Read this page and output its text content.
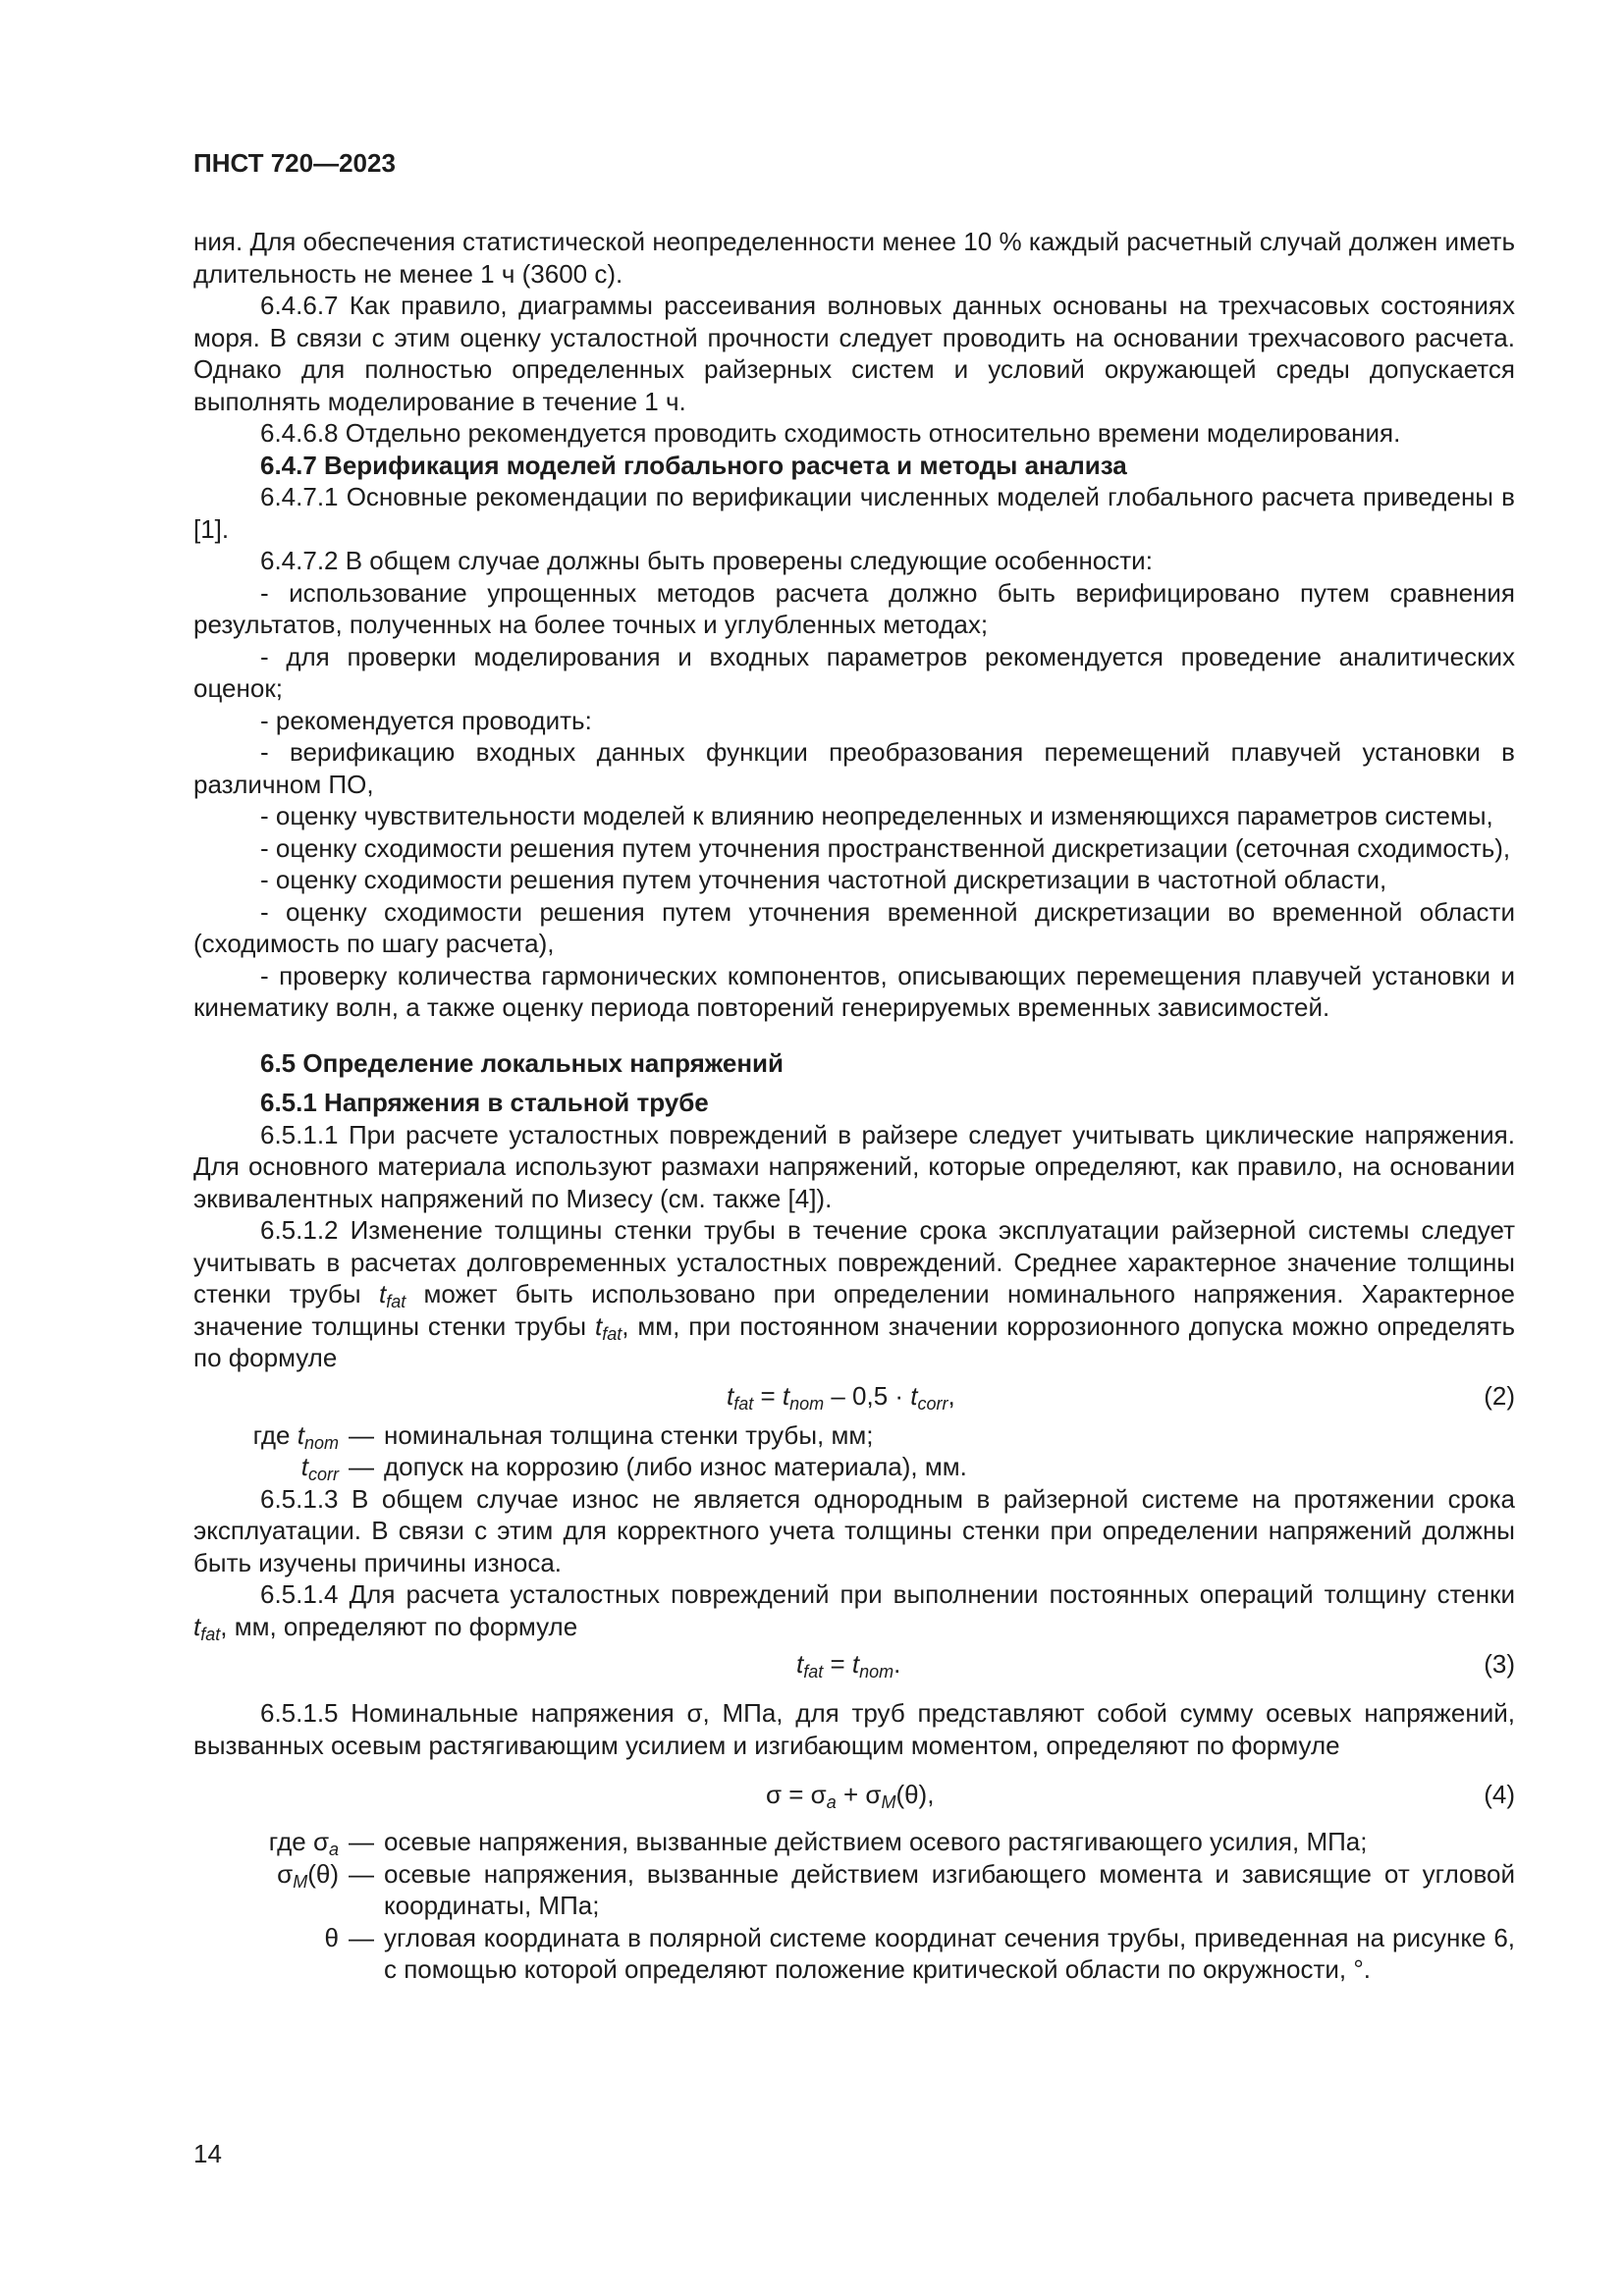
ПНСТ 720—2023

ния. Для обеспечения статистической неопределенности менее 10 % каждый расчетный случай должен иметь длительность не менее 1 ч (3600 с).

6.4.6.7 Как правило, диаграммы рассеивания волновых данных основаны на трехчасовых состояниях моря. В связи с этим оценку усталостной прочности следует проводить на основании трехчасового расчета. Однако для полностью определенных райзерных систем и условий окружающей среды допускается выполнять моделирование в течение 1 ч.

6.4.6.8 Отдельно рекомендуется проводить сходимость относительно времени моделирования.

6.4.7 Верификация моделей глобального расчета и методы анализа

6.4.7.1 Основные рекомендации по верификации численных моделей глобального расчета приведены в [1].

6.4.7.2 В общем случае должны быть проверены следующие особенности:

- использование упрощенных методов расчета должно быть верифицировано путем сравнения результатов, полученных на более точных и углубленных методах;

- для проверки моделирования и входных параметров рекомендуется проведение аналитических оценок;

- рекомендуется проводить:

- верификацию входных данных функции преобразования перемещений плавучей установки в различном ПО,

- оценку чувствительности моделей к влиянию неопределенных и изменяющихся параметров системы,

- оценку сходимости решения путем уточнения пространственной дискретизации (сеточная сходимость),

- оценку сходимости решения путем уточнения частотной дискретизации в частотной области,

- оценку сходимости решения путем уточнения временной дискретизации во временной области (сходимость по шагу расчета),

- проверку количества гармонических компонентов, описывающих перемещения плавучей установки и кинематику волн, а также оценку периода повторений генерируемых временных зависимостей.

6.5 Определение локальных напряжений

6.5.1 Напряжения в стальной трубе

6.5.1.1 При расчете усталостных повреждений в райзере следует учитывать циклические напряжения. Для основного материала используют размахи напряжений, которые определяют, как правило, на основании эквивалентных напряжений по Мизесу (см. также [4]).

6.5.1.2 Изменение толщины стенки трубы в течение срока эксплуатации райзерной системы следует учитывать в расчетах долговременных усталостных повреждений. Среднее характерное значение толщины стенки трубы $t_{fat}$ может быть использовано при определении номинального напряжения. Характерное значение толщины стенки трубы $t_{fat}$, мм, при постоянном значении коррозионного допуска можно определять по формуле

$t_{fat} = t_{nom} - 0,5 \cdot t_{corr}$,	(2)
где $t_{nom}$ — номинальная толщина стенки трубы, мм;
$t_{corr}$ — допуск на коррозию (либо износ материала), мм.

6.5.1.3 В общем случае износ не является однородным в райзерной системе на протяжении срока эксплуатации. В связи с этим для корректного учета толщины стенки при определении напряжений должны быть изучены причины износа.

6.5.1.4 Для расчета усталостных повреждений при выполнении постоянных операций толщину стенки $t_{fat}$, мм, определяют по формуле

$t_{fat} = t_{nom}$.	(3)

6.5.1.5 Номинальные напряжения σ, МПа, для труб представляют собой сумму осевых напряжений, вызванных осевым растягивающим усилием и изгибающим моментом, определяют по формуле

$\sigma = \sigma_a + \sigma_M(\theta)$,	(4)
где $\sigma_a$ — осевые напряжения, вызванные действием осевого растягивающего усилия, МПа;
$\sigma_M(\theta)$ — осевые напряжения, вызванные действием изгибающего момента и зависящие от угловой координаты, МПа;
θ — угловая координата в полярной системе координат сечения трубы, приведенная на рисунке 6, с помощью которой определяют положение критической области по окружности, °.
14
